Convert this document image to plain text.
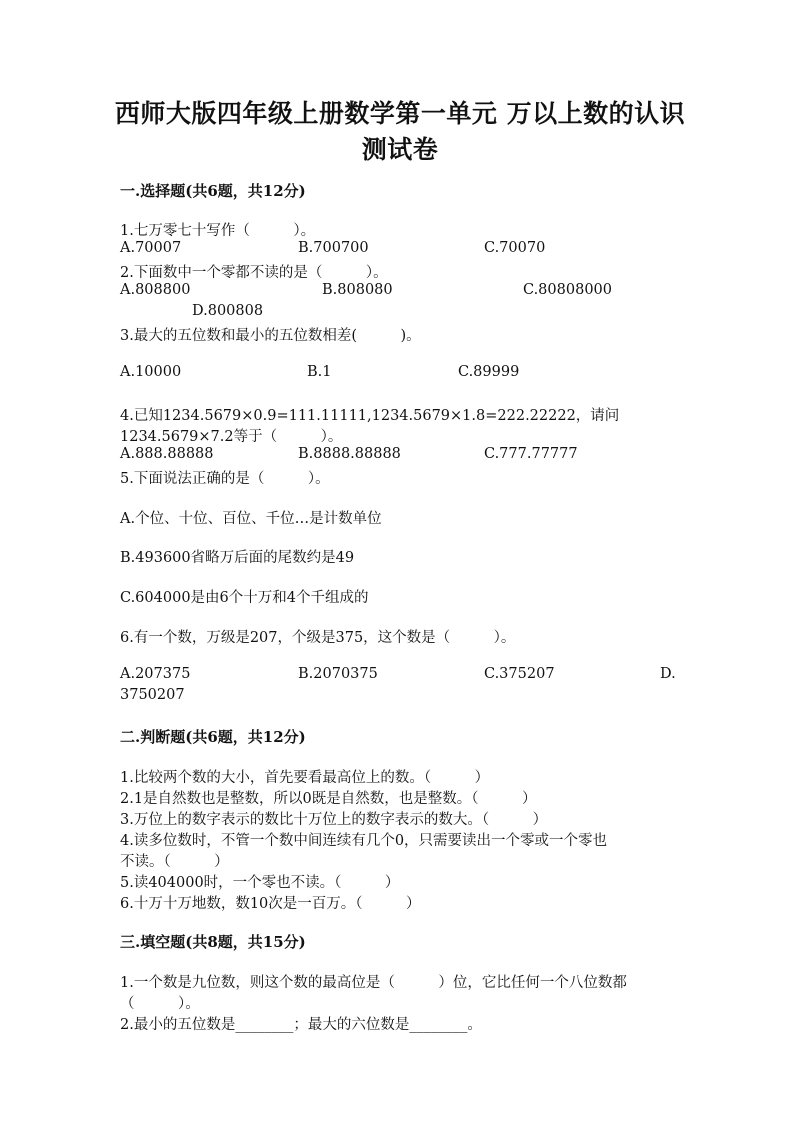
西师大版四年级上册数学第一单元 万以上数的认识
测试卷
一.选择题(共6题，共12分)
1.七万零七十写作（　　　）。
A.70007	B.700700	C.70070
2.下面数中一个零都不读的是（　　　）。
A.808800	B.808080	C.80808000
D.800808
3.最大的五位数和最小的五位数相差(　　　)。
A.10000	B.1	C.89999
4.已知1234.5679×0.9=111.11111,1234.5679×1.8=222.22222，请问
1234.5679×7.2等于（　　　）。
A.888.88888	B.8888.88888	C.777.77777
5.下面说法正确的是（　　　）。
A.个位、十位、百位、千位…是计数单位
B.493600省略万后面的尾数约是49
C.604000是由6个十万和4个千组成的
6.有一个数，万级是207，个级是375，这个数是（　　　）。
A.207375	B.2070375	C.375207	D.
3750207
二.判断题(共6题，共12分)
1.比较两个数的大小，首先要看最高位上的数。（　　　）
2.1是自然数也是整数，所以0既是自然数，也是整数。（　　　）
3.万位上的数字表示的数比十万位上的数字表示的数大。（　　　）
4.读多位数时，不管一个数中间连续有几个0，只需要读出一个零或一个零也
不读。（　　　）
5.读404000时，一个零也不读。（　　　）
6.十万十万地数，数10次是一百万。（　　　）
三.填空题(共8题，共15分)
1.一个数是九位数，则这个数的最高位是（　　　）位，它比任何一个八位数都
（　　　）。
2.最小的五位数是________；最大的六位数是________。
